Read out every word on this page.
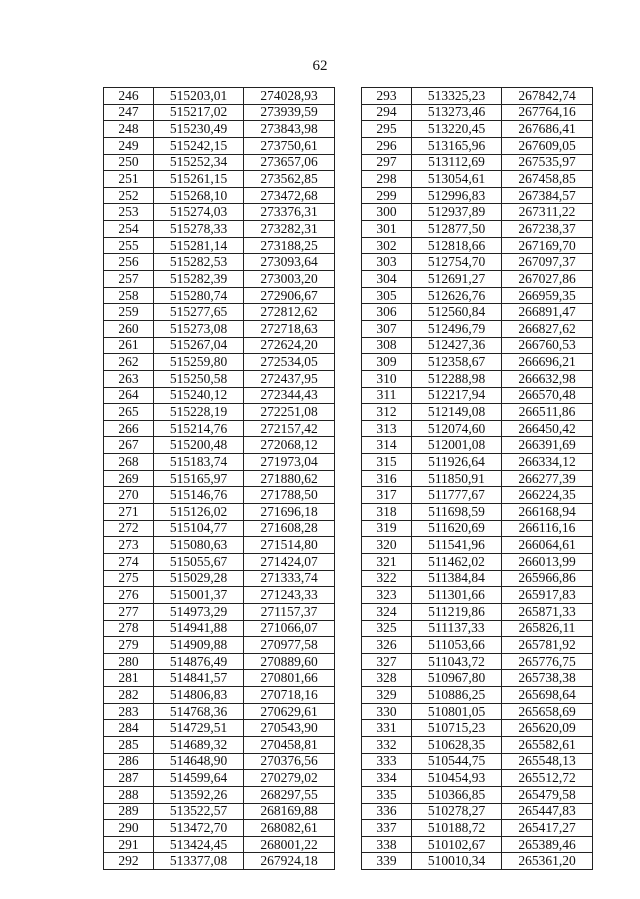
62
246	515203,01	274028,93
247	515217,02	273939,59
248	515230,49	273843,98
249	515242,15	273750,61
250	515252,34	273657,06
251	515261,15	273562,85
252	515268,10	273472,68
253	515274,03	273376,31
254	515278,33	273282,31
255	515281,14	273188,25
256	515282,53	273093,64
257	515282,39	273003,20
258	515280,74	272906,67
259	515277,65	272812,62
260	515273,08	272718,63
261	515267,04	272624,20
262	515259,80	272534,05
263	515250,58	272437,95
264	515240,12	272344,43
265	515228,19	272251,08
266	515214,76	272157,42
267	515200,48	272068,12
268	515183,74	271973,04
269	515165,97	271880,62
270	515146,76	271788,50
271	515126,02	271696,18
272	515104,77	271608,28
273	515080,63	271514,80
274	515055,67	271424,07
275	515029,28	271333,74
276	515001,37	271243,33
277	514973,29	271157,37
278	514941,88	271066,07
279	514909,88	270977,58
280	514876,49	270889,60
281	514841,57	270801,66
282	514806,83	270718,16
283	514768,36	270629,61
284	514729,51	270543,90
285	514689,32	270458,81
286	514648,90	270376,56
287	514599,64	270279,02
288	513592,26	268297,55
289	513522,57	268169,88
290	513472,70	268082,61
291	513424,45	268001,22
292	513377,08	267924,18
293	513325,23	267842,74
294	513273,46	267764,16
295	513220,45	267686,41
296	513165,96	267609,05
297	513112,69	267535,97
298	513054,61	267458,85
299	512996,83	267384,57
300	512937,89	267311,22
301	512877,50	267238,37
302	512818,66	267169,70
303	512754,70	267097,37
304	512691,27	267027,86
305	512626,76	266959,35
306	512560,84	266891,47
307	512496,79	266827,62
308	512427,36	266760,53
309	512358,67	266696,21
310	512288,98	266632,98
311	512217,94	266570,48
312	512149,08	266511,86
313	512074,60	266450,42
314	512001,08	266391,69
315	511926,64	266334,12
316	511850,91	266277,39
317	511777,67	266224,35
318	511698,59	266168,94
319	511620,69	266116,16
320	511541,96	266064,61
321	511462,02	266013,99
322	511384,84	265966,86
323	511301,66	265917,83
324	511219,86	265871,33
325	511137,33	265826,11
326	511053,66	265781,92
327	511043,72	265776,75
328	510967,80	265738,38
329	510886,25	265698,64
330	510801,05	265658,69
331	510715,23	265620,09
332	510628,35	265582,61
333	510544,75	265548,13
334	510454,93	265512,72
335	510366,85	265479,58
336	510278,27	265447,83
337	510188,72	265417,27
338	510102,67	265389,46
339	510010,34	265361,20
